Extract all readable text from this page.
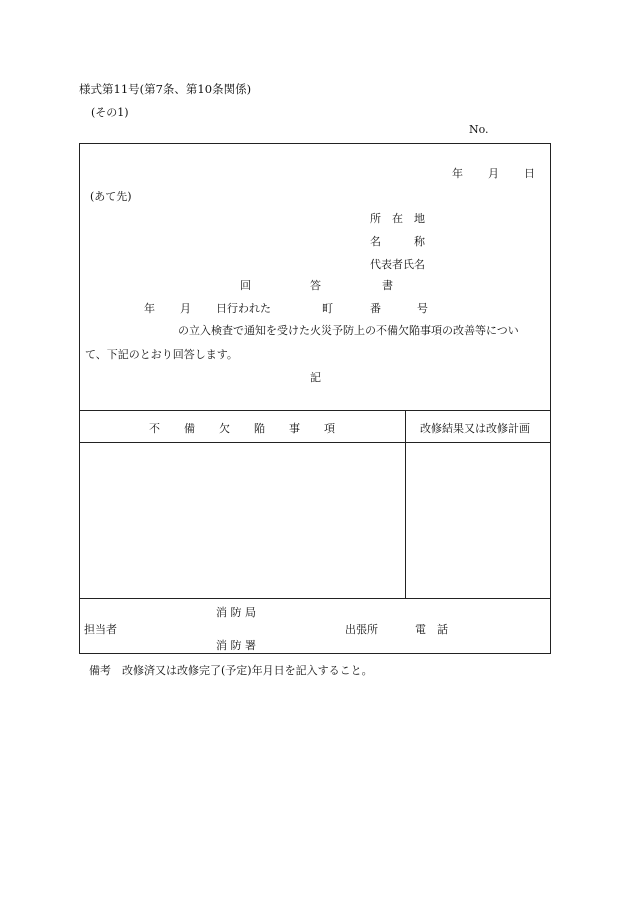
様式第11号(第7条、第10条関係)
(その1)
No.
年 月 日
(あて先)
所　在　地
名　　　称
代表者氏名
回	答	書
年 月 日行われた	町	番	号
の立入検査で通知を受けた火災予防上の不備欠陥事項の改善等につい
て、下記のとおり回答します。
記
不 備 欠 陥 事 項	改修結果又は改修計画
消 防 局
担当者	出張所	電　話
消 防 署
備考　改修済又は改修完了(予定)年月日を記入すること。
